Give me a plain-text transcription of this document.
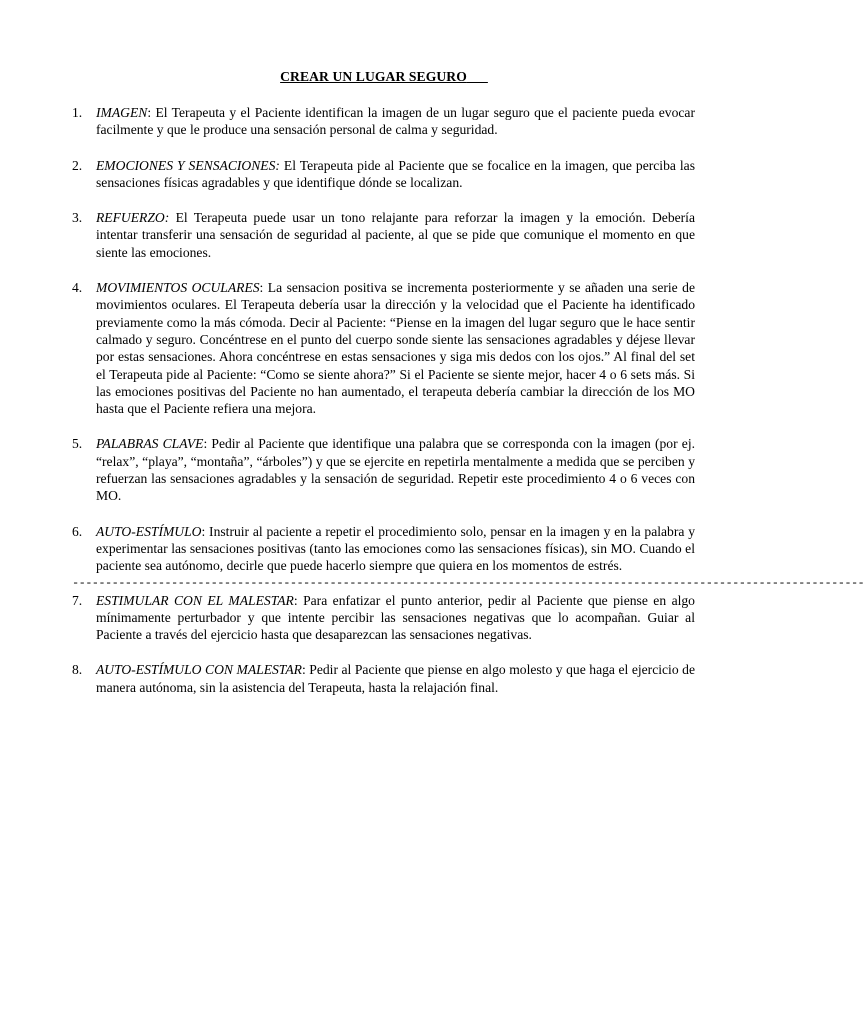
CREAR UN LUGAR SEGURO
1.	IMAGEN: El Terapeuta y el Paciente identifican la imagen de un lugar seguro que el paciente pueda evocar facilmente y que le produce una sensación personal de calma y seguridad.
2.	EMOCIONES Y SENSACIONES: El Terapeuta pide al Paciente que se focalice en la imagen, que perciba las sensaciones físicas agradables y que identifique dónde se localizan.
3.	REFUERZO: El Terapeuta puede usar un tono relajante para reforzar la imagen y la emoción. Debería intentar transferir una sensación de seguridad al paciente, al que se pide que comunique el momento en que siente las emociones.
4.	MOVIMIENTOS OCULARES: La sensacion positiva se incrementa posteriormente y se añaden una serie de movimientos oculares. El Terapeuta debería usar la dirección y la velocidad que el Paciente ha identificado previamente como la más cómoda. Decir al Paciente: “Piense en la imagen del lugar seguro que le hace sentir calmado y seguro. Concéntrese en el punto del cuerpo sonde siente las sensaciones agradables y déjese llevar por estas sensaciones. Ahora concéntrese en estas sensaciones y siga mis dedos con los ojos.” Al final del set el Terapeuta pide al Paciente: “Como se siente ahora?” Si el Paciente se siente mejor, hacer 4 o 6 sets más. Si las emociones positivas del Paciente no han aumentado, el terapeuta debería cambiar la dirección de los MO hasta que el Paciente refiera una mejora.
5.	PALABRAS CLAVE: Pedir al Paciente que identifique una palabra que se corresponda con la imagen (por ej. “relax”, “playa”, “montaña”, “árboles”) y que se ejercite en repetirla mentalmente a medida que se perciben y refuerzan las sensaciones agradables y la sensación de seguridad. Repetir este procedimiento 4 o 6 veces con MO.
6.	AUTO-ESTÍMULO: Instruir al paciente a repetir el procedimiento solo, pensar en la imagen y en la palabra y experimentar las sensaciones positivas (tanto las emociones como las sensaciones físicas), sin MO. Cuando el paciente sea autónomo, decirle que puede hacerlo siempre que quiera en los momentos de estrés.
------------------------------------------------------------------------------------------------------------------------
7.	ESTIMULAR CON EL MALESTAR: Para enfatizar el punto anterior, pedir al Paciente que piense en algo mínimamente perturbador y que intente percibir las sensaciones negativas que lo acompañan. Guiar al Paciente a través del ejercicio hasta que desaparezcan las sensaciones negativas.
8.	AUTO-ESTÍMULO CON MALESTAR: Pedir al Paciente que piense en algo molesto y que haga el ejercicio de manera autónoma, sin la asistencia del Terapeuta, hasta la relajación final.
